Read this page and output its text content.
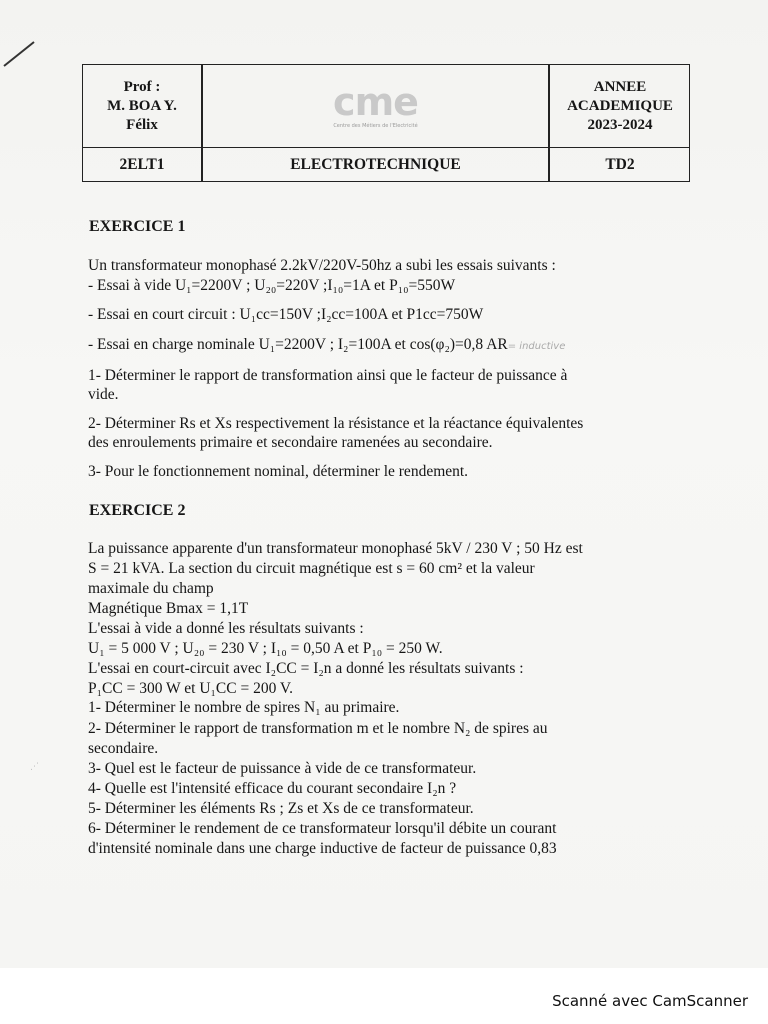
Prof :
M. BOA Y.
Félix
cme
Centre des Métiers de l'Electricité
ANNEE
ACADEMIQUE
2023-2024
2ELT1	ELECTROTECHNIQUE	TD2
EXERCICE 1
Un transformateur monophasé 2.2kV/220V-50hz a subi les essais suivants :
- Essai à vide U₁=2200V ; U₂₀=220V ;I₁₀=1A et P₁₀=550W
- Essai en court circuit : U₁cc=150V ;I₂cc=100A et P1cc=750W
- Essai en charge nominale U₁=2200V ; I₂=100A et cos(φ₂)=0,8 AR= inductive
1- Déterminer le rapport de transformation ainsi que le facteur de puissance à
vide.
2- Déterminer Rs et Xs respectivement la résistance et la réactance équivalentes
des enroulements primaire et secondaire ramenées au secondaire.
3- Pour le fonctionnement nominal, déterminer le rendement.
EXERCICE 2
La puissance apparente d'un transformateur monophasé 5kV / 230 V ; 50 Hz est
S = 21 kVA. La section du circuit magnétique est s = 60 cm² et la valeur
maximale du champ
Magnétique Bmax = 1,1T
L'essai à vide a donné les résultats suivants :
U₁ = 5 000 V ; U₂₀ = 230 V ; I₁₀ = 0,50 A et P₁₀ = 250 W.
L'essai en court-circuit avec I₂CC = I₂n a donné les résultats suivants :
P₁CC = 300 W et U₁CC = 200 V.
1- Déterminer le nombre de spires N₁ au primaire.
2- Déterminer le rapport de transformation m et le nombre N₂ de spires au
secondaire.
3- Quel est le facteur de puissance à vide de ce transformateur.
4- Quelle est l'intensité efficace du courant secondaire I₂n ?
5- Déterminer les éléments Rs ; Zs et Xs de ce transformateur.
6- Déterminer le rendement de ce transformateur lorsqu'il débite un courant
d'intensité nominale dans une charge inductive de facteur de puissance 0,83
⋰
Scanné avec CamScanner
